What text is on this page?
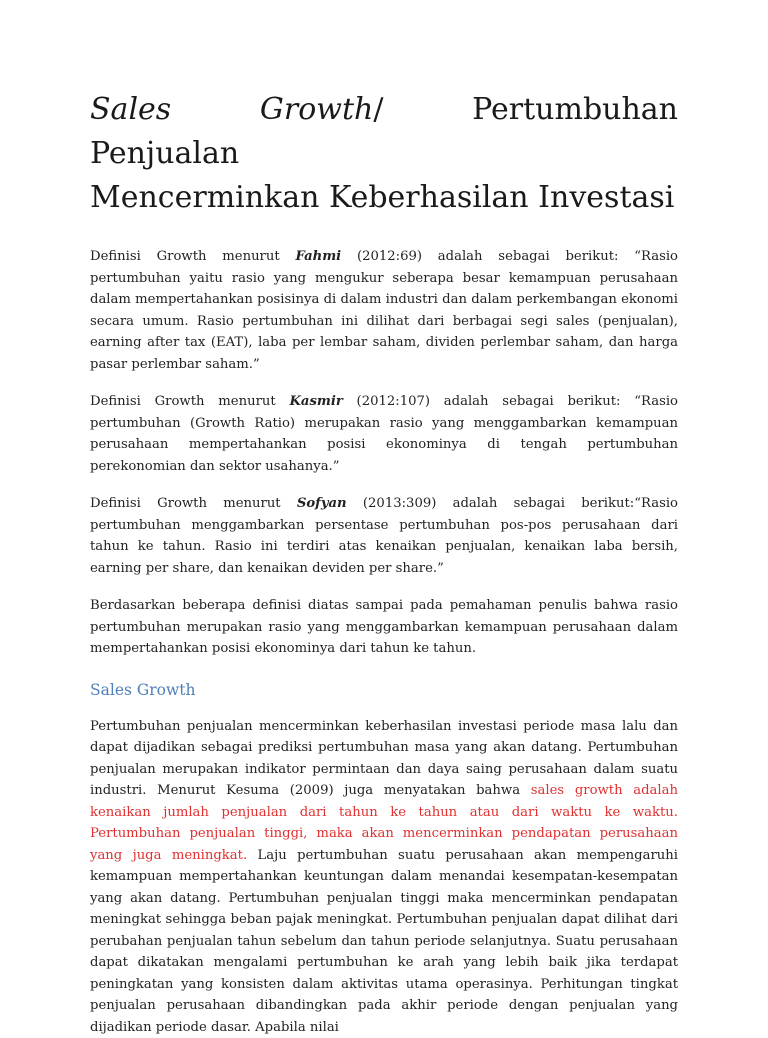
Sales Growth/ Pertumbuhan Penjualan
Mencerminkan Keberhasilan Investasi

Definisi Growth menurut Fahmi (2012:69) adalah sebagai berikut: “Rasio pertumbuhan yaitu rasio yang mengukur seberapa besar kemampuan perusahaan dalam mempertahankan posisinya di dalam industri dan dalam perkembangan ekonomi secara umum. Rasio pertumbuhan ini dilihat dari berbagai segi sales (penjualan), earning after tax (EAT), laba per lembar saham, dividen perlembar saham, dan harga pasar perlembar saham.”

Definisi Growth menurut Kasmir (2012:107) adalah sebagai berikut: “Rasio pertumbuhan (Growth Ratio) merupakan rasio yang menggambarkan kemampuan perusahaan mempertahankan posisi ekonominya di tengah pertumbuhan perekonomian dan sektor usahanya.”

Definisi Growth menurut Sofyan (2013:309) adalah sebagai berikut:“Rasio pertumbuhan menggambarkan persentase pertumbuhan pos-pos perusahaan dari tahun ke tahun. Rasio ini terdiri atas kenaikan penjualan, kenaikan laba bersih, earning per share, dan kenaikan deviden per share.”

Berdasarkan beberapa definisi diatas sampai pada pemahaman penulis bahwa rasio pertumbuhan merupakan rasio yang menggambarkan kemampuan perusahaan dalam mempertahankan posisi ekonominya dari tahun ke tahun.

Sales Growth

Pertumbuhan penjualan mencerminkan keberhasilan investasi periode masa lalu dan dapat dijadikan sebagai prediksi pertumbuhan masa yang akan datang. Pertumbuhan penjualan merupakan indikator permintaan dan daya saing perusahaan dalam suatu industri. Menurut Kesuma (2009) juga menyatakan bahwa sales growth adalah kenaikan jumlah penjualan dari tahun ke tahun atau dari waktu ke waktu. Pertumbuhan penjualan tinggi, maka akan mencerminkan pendapatan perusahaan yang juga meningkat. Laju pertumbuhan suatu perusahaan akan mempengaruhi kemampuan mempertahankan keuntungan dalam menandai kesempatan-kesempatan yang akan datang. Pertumbuhan penjualan tinggi maka mencerminkan pendapatan meningkat sehingga beban pajak meningkat. Pertumbuhan penjualan dapat dilihat dari perubahan penjualan tahun sebelum dan tahun periode selanjutnya. Suatu perusahaan dapat dikatakan mengalami pertumbuhan ke arah yang lebih baik jika terdapat peningkatan yang konsisten dalam aktivitas utama operasinya. Perhitungan tingkat penjualan perusahaan dibandingkan pada akhir periode dengan penjualan yang dijadikan periode dasar. Apabila nilai
